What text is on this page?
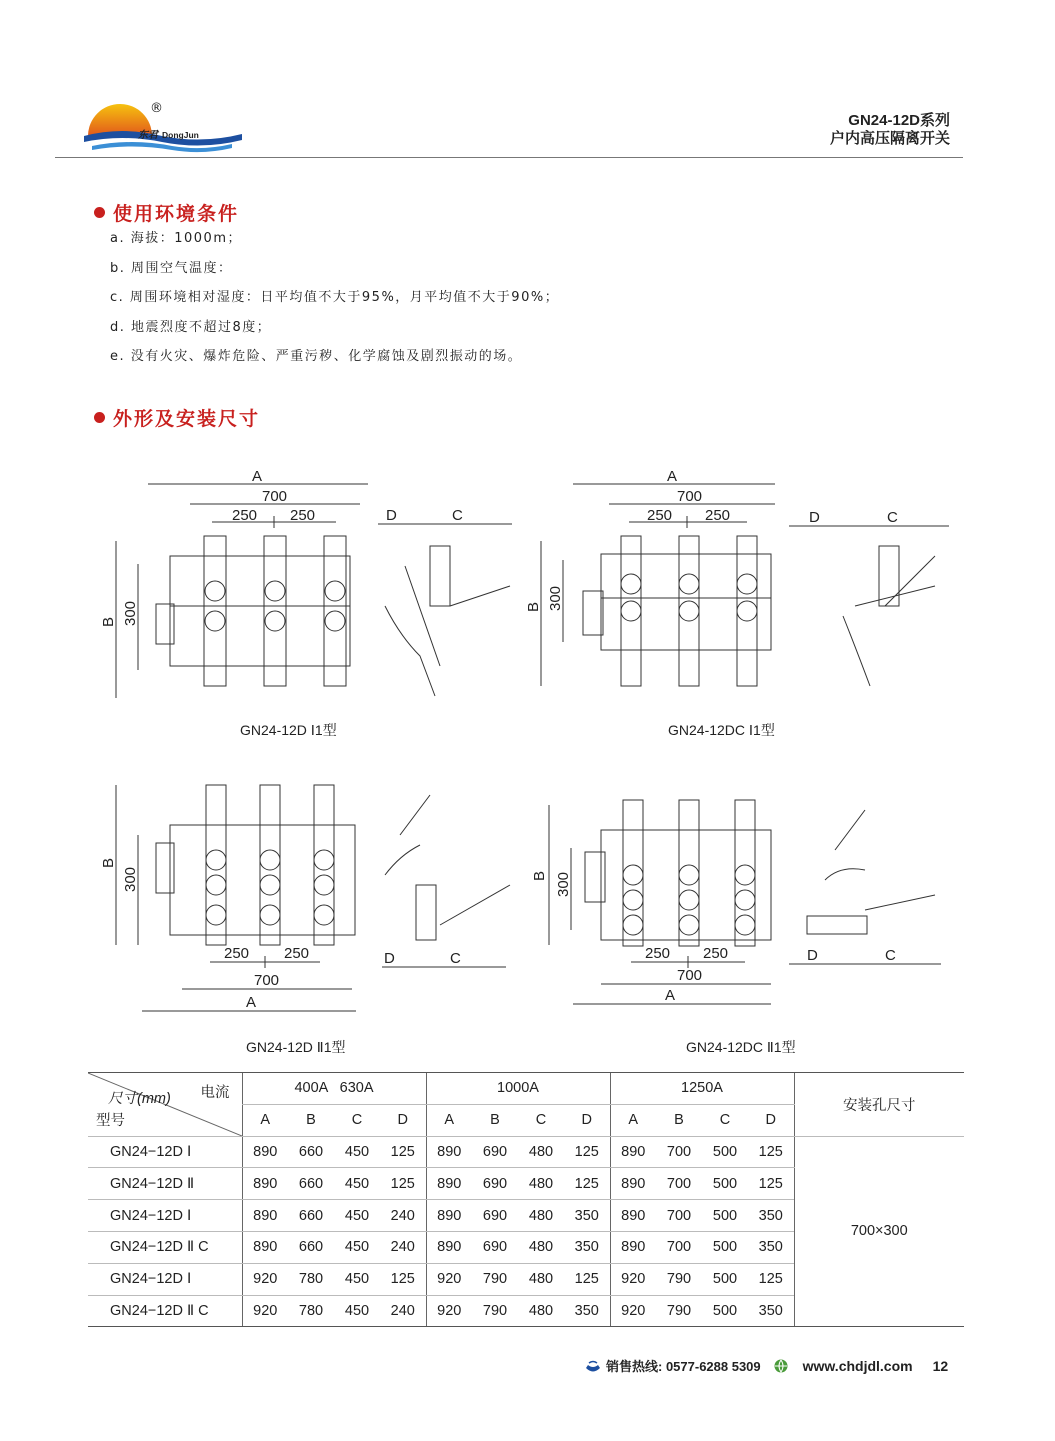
®
东君 DongJun
GN24-12D系列
户内高压隔离开关
使用环境条件
a. 海拔：1000m；
b. 周围空气温度：
c. 周围环境相对湿度：日平均值不大于95%，月平均值不大于90%；
d. 地震烈度不超过8度；
e. 没有火灾、爆炸危险、严重污秽、化学腐蚀及剧烈振动的场。
外形及安装尺寸
A
700
250 250
B 300
D	C
GN24-12D Ⅰ1型
A
700
250 250
B 300
D	C
GN24-12DC Ⅰ1型
B
300
250 250
700
A
D	C
GN24-12D Ⅱ1型
B 300
250 250
700
A
D	C
GN24-12DC Ⅱ1型
电流
尺寸(mm)
型号	400A   630A				1000A				1250A				安装孔尺寸
	A	B	C	D	A	B	C	D	A	B	C	D	
GN24−12D Ⅰ	890	660	450	125	890	690	480	125	890	700	500	125	700×300
GN24−12D Ⅱ	890	660	450	125	890	690	480	125	890	700	500	125	
GN24−12D Ⅰ	890	660	450	240	890	690	480	350	890	700	500	350	
GN24−12D Ⅱ C	890	660	450	240	890	690	480	350	890	700	500	350	
GN24−12D Ⅰ	920	780	450	125	920	790	480	125	920	790	500	125	
GN24−12D Ⅱ C	920	780	450	240	920	790	480	350	920	790	500	350	
销售热线: 0577-6288 5309	www.chdjdl.com 12
